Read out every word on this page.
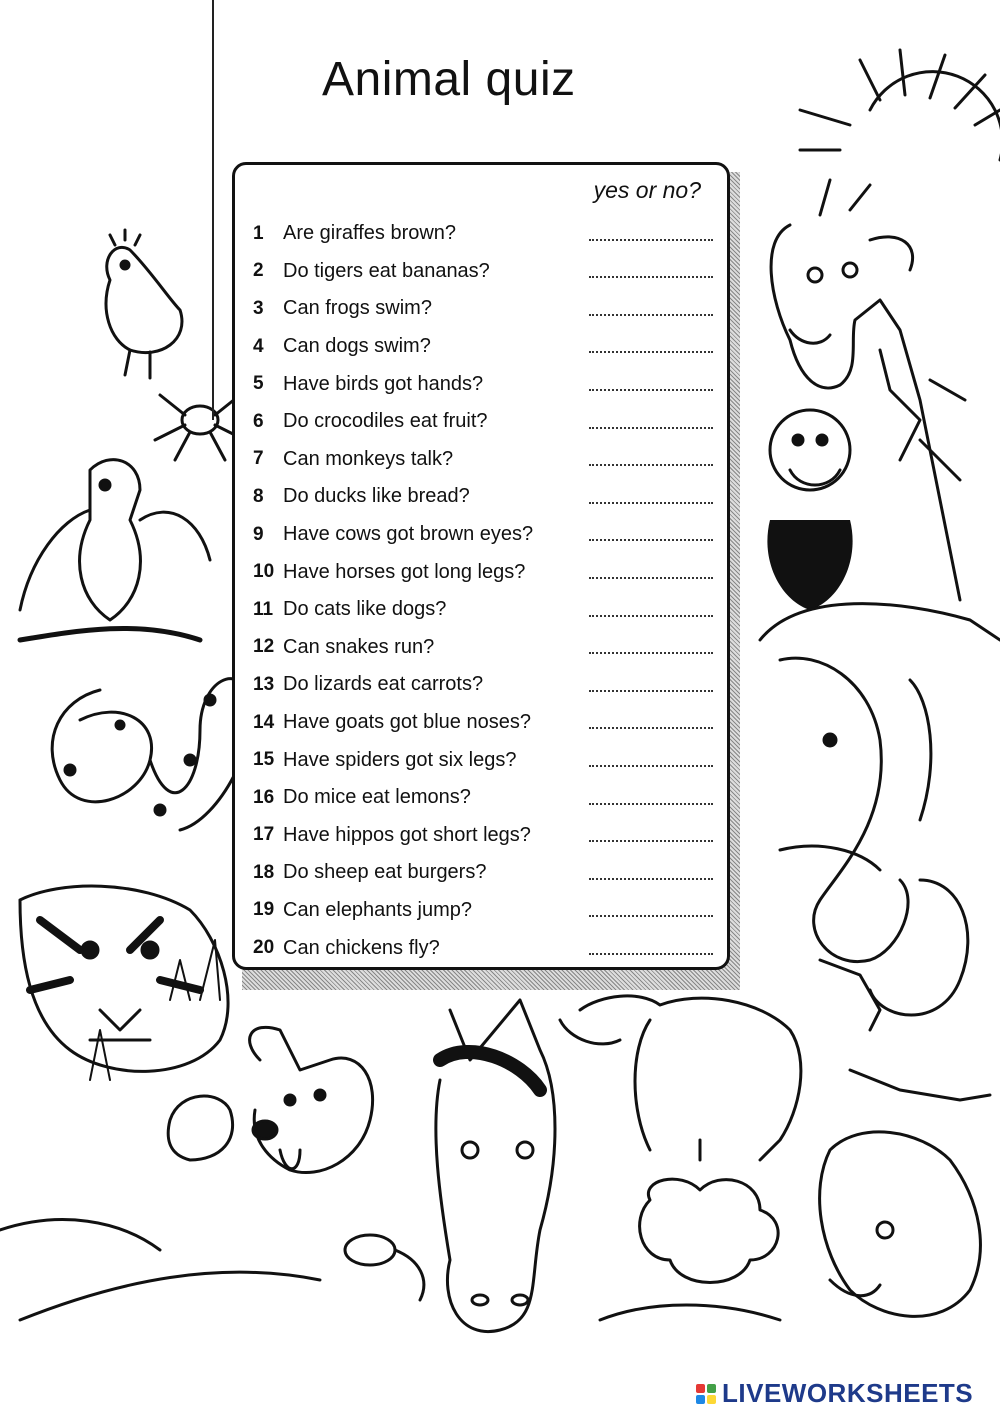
Animal quiz
yes or no?
1 Are giraffes brown?
2 Do tigers eat bananas?
3 Can frogs swim?
4 Can dogs swim?
5 Have birds got hands?
6 Do crocodiles eat fruit?
7 Can monkeys talk?
8 Do ducks like bread?
9 Have cows got brown eyes?
10 Have horses got long legs?
11 Do cats like dogs?
12 Can snakes run?
13 Do lizards eat carrots?
14 Have goats got blue noses?
15 Have spiders got six legs?
16 Do mice eat lemons?
17 Have hippos got short legs?
18 Do sheep eat burgers?
19 Can elephants jump?
20 Can chickens fly?
LIVEWORKSHEETS
